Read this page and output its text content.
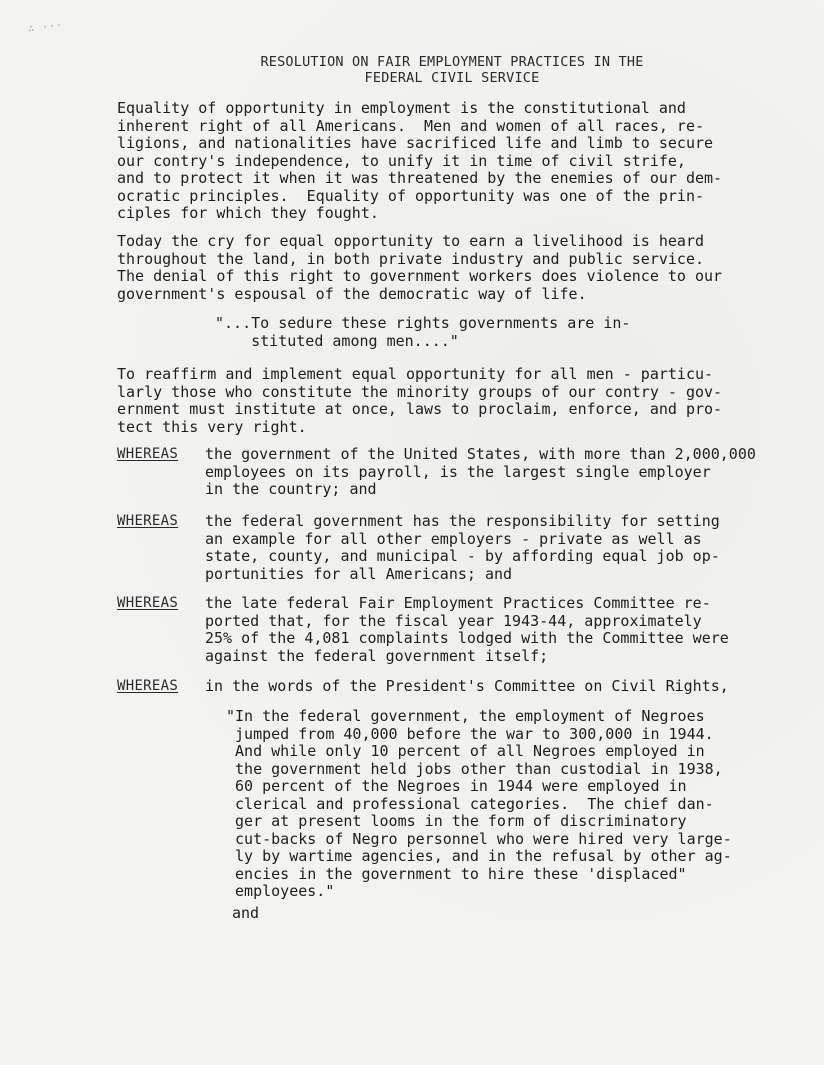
∴ ···
RESOLUTION ON FAIR EMPLOYMENT PRACTICES IN THE
FEDERAL CIVIL SERVICE
Equality of opportunity in employment is the constitutional and
inherent right of all Americans.  Men and women of all races, re-
ligions, and nationalities have sacrificed life and limb to secure
our contry's independence, to unify it in time of civil strife,
and to protect it when it was threatened by the enemies of our dem-
ocratic principles.  Equality of opportunity was one of the prin-
ciples for which they fought.
Today the cry for equal opportunity to earn a livelihood is heard
throughout the land, in both private industry and public service.
The denial of this right to government workers does violence to our
government's espousal of the democratic way of life.
"...To sedure these rights governments are in-
stituted among men...."
To reaffirm and implement equal opportunity for all men - particu-
larly those who constitute the minority groups of our contry - gov-
ernment must institute at once, laws to proclaim, enforce, and pro-
tect this very right.
WHEREAS the government of the United States, with more than 2,000,000
employees on its payroll, is the largest single employer
in the country; and
WHEREAS the federal government has the responsibility for setting
an example for all other employers - private as well as
state, county, and municipal - by affording equal job op-
portunities for all Americans; and
WHEREAS the late federal Fair Employment Practices Committee re-
ported that, for the fiscal year 1943-44, approximately
25% of the 4,081 complaints lodged with the Committee were
against the federal government itself;
WHEREAS in the words of the President's Committee on Civil Rights,
"In the federal government, the employment of Negroes
jumped from 40,000 before the war to 300,000 in 1944.
And while only 10 percent of all Negroes employed in
the government held jobs other than custodial in 1938,
60 percent of the Negroes in 1944 were employed in
clerical and professional categories.  The chief dan-
ger at present looms in the form of discriminatory
cut-backs of Negro personnel who were hired very large-
ly by wartime agencies, and in the refusal by other ag-
encies in the government to hire these 'displaced"
employees."
and
